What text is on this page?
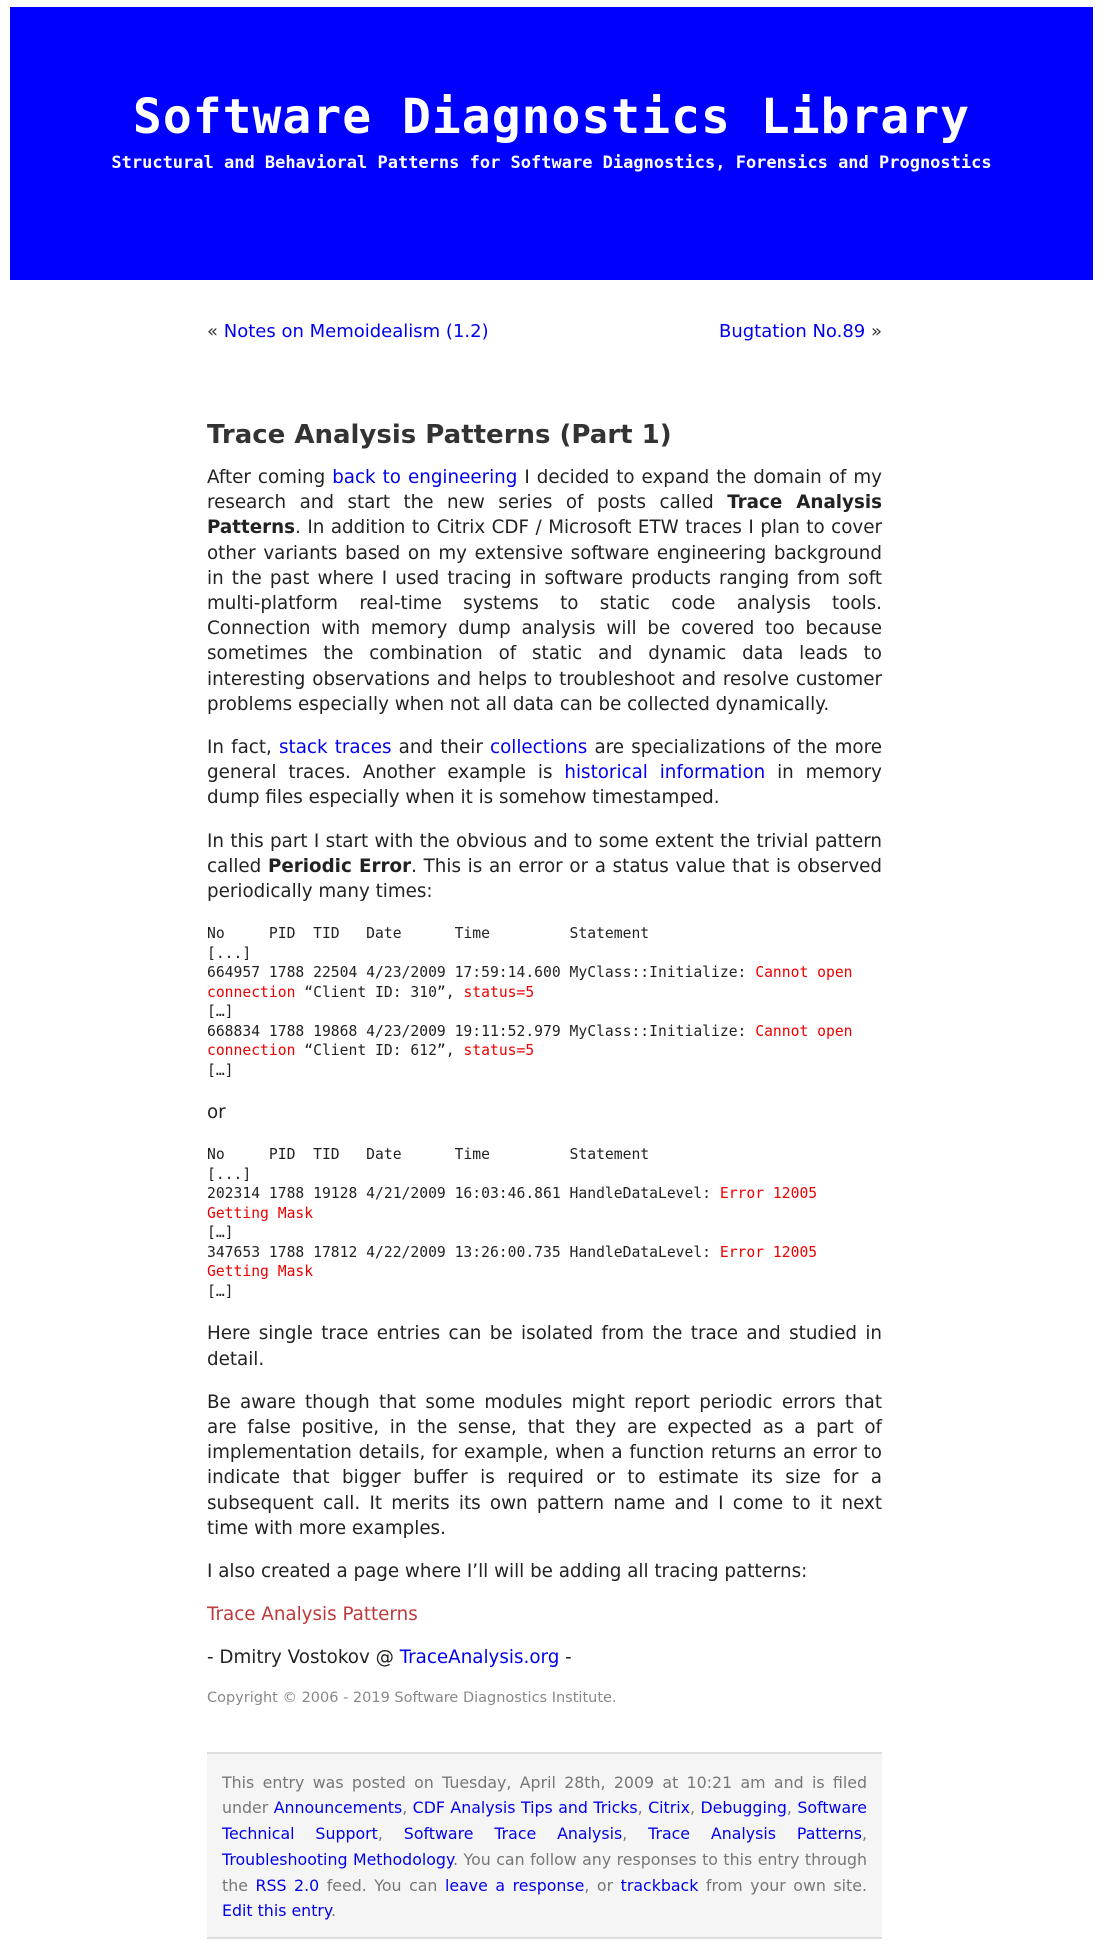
Software Diagnostics Library
Structural and Behavioral Patterns for Software Diagnostics, Forensics and Prognostics
« Notes on Memoidealism (1.2)	Bugtation No.89 »
Trace Analysis Patterns (Part 1)

After coming back to engineering I decided to expand the domain of my research and start the new series of posts called Trace Analysis Patterns. In addition to Citrix CDF / Microsoft ETW traces I plan to cover other variants based on my extensive software engineering background in the past where I used tracing in software products ranging from soft multi-platform real-time systems to static code analysis tools. Connection with memory dump analysis will be covered too because sometimes the combination of static and dynamic data leads to interesting observations and helps to troubleshoot and resolve customer problems especially when not all data can be collected dynamically.

In fact, stack traces and their collections are specializations of the more general traces. Another example is historical information in memory dump files especially when it is somehow timestamped.

In this part I start with the obvious and to some extent the trivial pattern called Periodic Error. This is an error or a status value that is observed periodically many times:

No     PID  TID   Date      Time         Statement
[...]
664957 1788 22504 4/23/2009 17:59:14.600 MyClass::Initialize: Cannot open connection “Client ID: 310”, status=5
[…]
668834 1788 19868 4/23/2009 19:11:52.979 MyClass::Initialize: Cannot open connection “Client ID: 612”, status=5
[…]

or

No     PID  TID   Date      Time         Statement
[...]
202314 1788 19128 4/21/2009 16:03:46.861 HandleDataLevel: Error 12005 Getting Mask
[…]
347653 1788 17812 4/22/2009 13:26:00.735 HandleDataLevel: Error 12005 Getting Mask
[…]

Here single trace entries can be isolated from the trace and studied in detail.

Be aware though that some modules might report periodic errors that are false positive, in the sense, that they are expected as a part of implementation details, for example, when a function returns an error to indicate that bigger buffer is required or to estimate its size for a subsequent call. It merits its own pattern name and I come to it next time with more examples.

I also created a page where I’ll will be adding all tracing patterns:

Trace Analysis Patterns

- Dmitry Vostokov @ TraceAnalysis.org -

Copyright © 2006 - 2019 Software Diagnostics Institute.
This entry was posted on Tuesday, April 28th, 2009 at 10:21 am and is filed under Announcements, CDF Analysis Tips and Tricks, Citrix, Debugging, Software Technical Support, Software Trace Analysis, Trace Analysis Patterns, Troubleshooting Methodology. You can follow any responses to this entry through the RSS 2.0 feed. You can leave a response, or trackback from your own site. Edit this entry.
